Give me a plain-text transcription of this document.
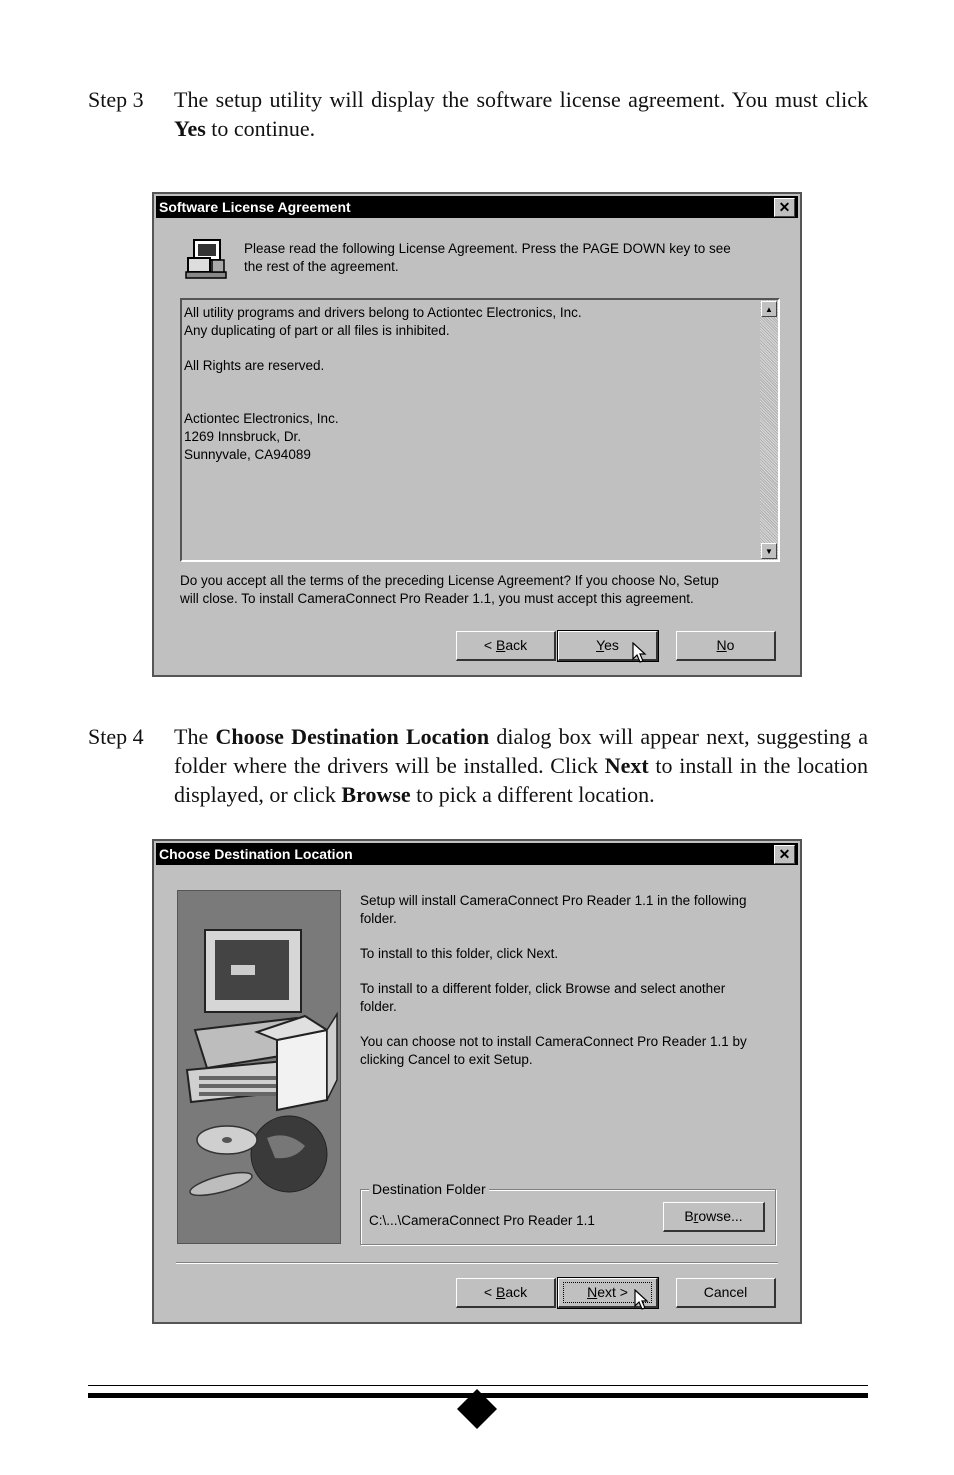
Step 3 The setup utility will display the software license agreement. You must click Yes to continue.
Software License Agreement	✕
Please read the following License Agreement. Press the PAGE DOWN key to see
the rest of the agreement.
All utility programs and drivers belong to Actiontec Electronics, Inc.
Any duplicating of part or all files is inhibited.
All Rights are reserved.
Actiontec Electronics, Inc.
1269 Innsbruck, Dr.
Sunnyvale, CA94089
▲
▼
Do you accept all the terms of the preceding License Agreement? If you choose No, Setup
will close. To install CameraConnect Pro Reader 1.1, you must accept this agreement.
< Back	Yes	No
Step 4 The Choose Destination Location dialog box will appear next, suggesting a folder where the drivers will be installed. Click Next to install in the location displayed, or click Browse to pick a different location.
Choose Destination Location	✕
Setup will install CameraConnect Pro Reader 1.1 in the following
folder.
To install to this folder, click Next.
To install to a different folder, click Browse and select another
folder.
You can choose not to install CameraConnect Pro Reader 1.1 by
clicking Cancel to exit Setup.
Destination Folder
C:\...\CameraConnect Pro Reader 1.1	Browse...
< Back	Next >	Cancel
